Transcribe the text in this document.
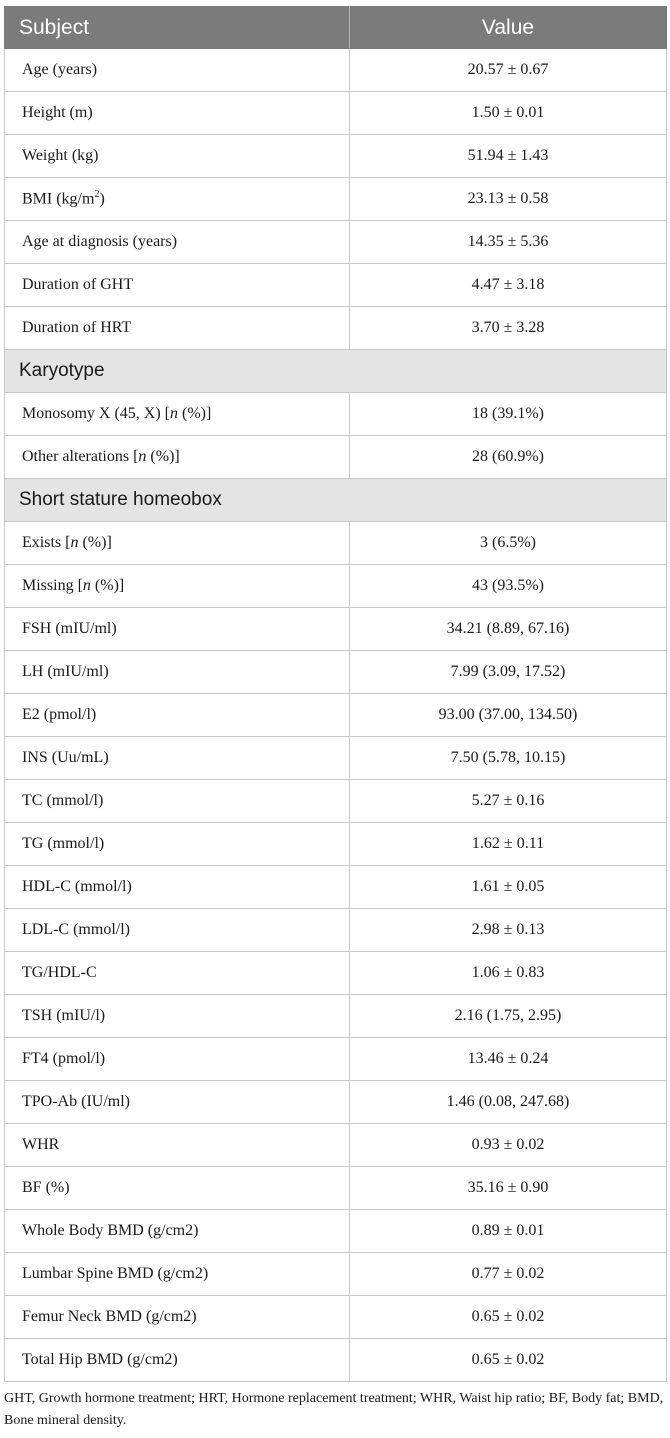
Subject	Value
Age (years)	20.57 ± 0.67
Height (m)	1.50 ± 0.01
Weight (kg)	51.94 ± 1.43
BMI $(kg/m^2)$	23.13 ± 0.58
Age at diagnosis (years)	14.35 ± 5.36
Duration of GHT	4.47 ± 3.18
Duration of HRT	3.70 ± 3.28
Karyotype	
Monosomy X (45, X) [n (%)]	18 (39.1%)
Other alterations [n (%)]	28 (60.9%)
Short stature homeobox	
Exists [n (%)]	3 (6.5%)
Missing [n (%)]	43 (93.5%)
FSH (mIU/ml)	34.21 (8.89, 67.16)
LH (mIU/ml)	7.99 (3.09, 17.52)
E2 (pmol/l)	93.00 (37.00, 134.50)
INS (Uu/mL)	7.50 (5.78, 10.15)
TC (mmol/l)	5.27 ± 0.16
TG (mmol/l)	1.62 ± 0.11
HDL-C (mmol/l)	1.61 ± 0.05
LDL-C (mmol/l)	2.98 ± 0.13
TG/HDL-C	1.06 ± 0.83
TSH (mIU/l)	2.16 (1.75, 2.95)
FT4 (pmol/l)	13.46 ± 0.24
TPO-Ab (IU/ml)	1.46 (0.08, 247.68)
WHR	0.93 ± 0.02
BF (%)	35.16 ± 0.90
Whole Body BMD (g/cm2)	0.89 ± 0.01
Lumbar Spine BMD (g/cm2)	0.77 ± 0.02
Femur Neck BMD (g/cm2)	0.65 ± 0.02
Total Hip BMD (g/cm2)	0.65 ± 0.02
GHT, Growth hormone treatment; HRT, Hormone replacement treatment; WHR, Waist hip ratio; BF, Body fat; BMD, Bone mineral density.
